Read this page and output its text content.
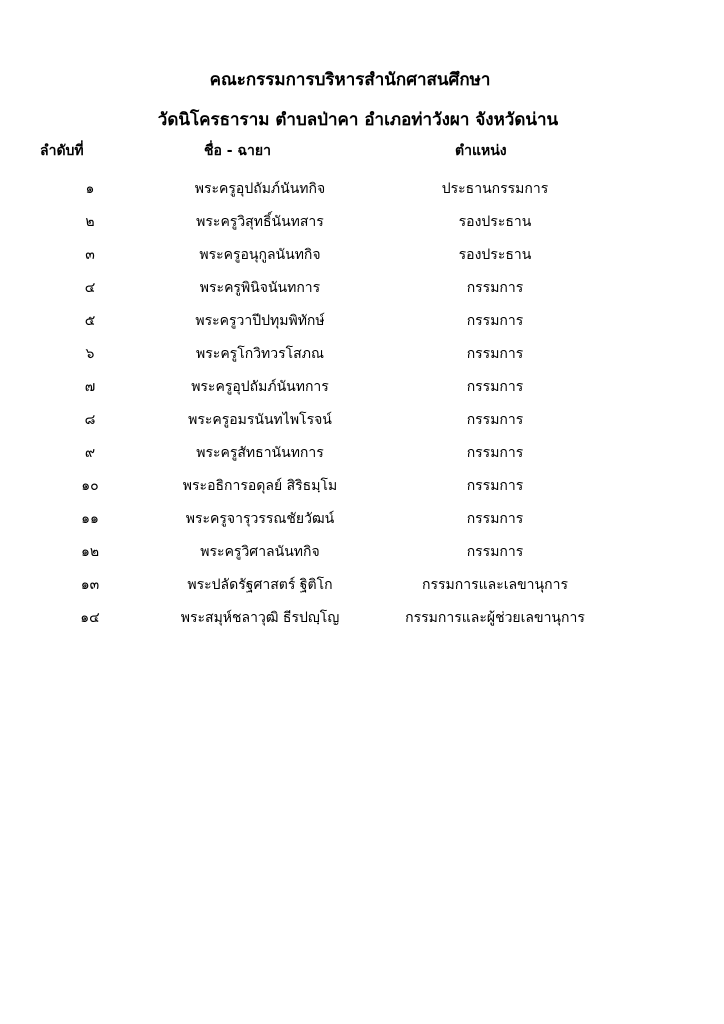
คณะกรรมการบริหารสำนักศาสนศึกษา
วัดนิโครธาราม ตำบลป่าคา อำเภอท่าวังผา จังหวัดน่าน
ลำดับที่	ชื่อ - ฉายา	ตำแหน่ง
๑	พระครูอุปถัมภ์นันทกิจ	ประธานกรรมการ
๒	พระครูวิสุทธิ์นันทสาร	รองประธาน
๓	พระครูอนุกูลนันทกิจ	รองประธาน
๔	พระครูพินิจนันทการ	กรรมการ
๕	พระครูวาปีปทุมพิทักษ์	กรรมการ
๖	พระครูโกวิทวรโสภณ	กรรมการ
๗	พระครูอุปถัมภ์นันทการ	กรรมการ
๘	พระครูอมรนันทไพโรจน์	กรรมการ
๙	พระครูสัทธานันทการ	กรรมการ
๑๐	พระอธิการอดุลย์ สิริธมฺโม	กรรมการ
๑๑	พระครูจารุวรรณชัยวัฒน์	กรรมการ
๑๒	พระครูวิศาลนันทกิจ	กรรมการ
๑๓	พระปลัดรัฐศาสตร์ ฐิติโก	กรรมการและเลขานุการ
๑๔	พระสมุห์ชลาวุฒิ ธีรปญฺโญ	กรรมการและผู้ช่วยเลขานุการ
